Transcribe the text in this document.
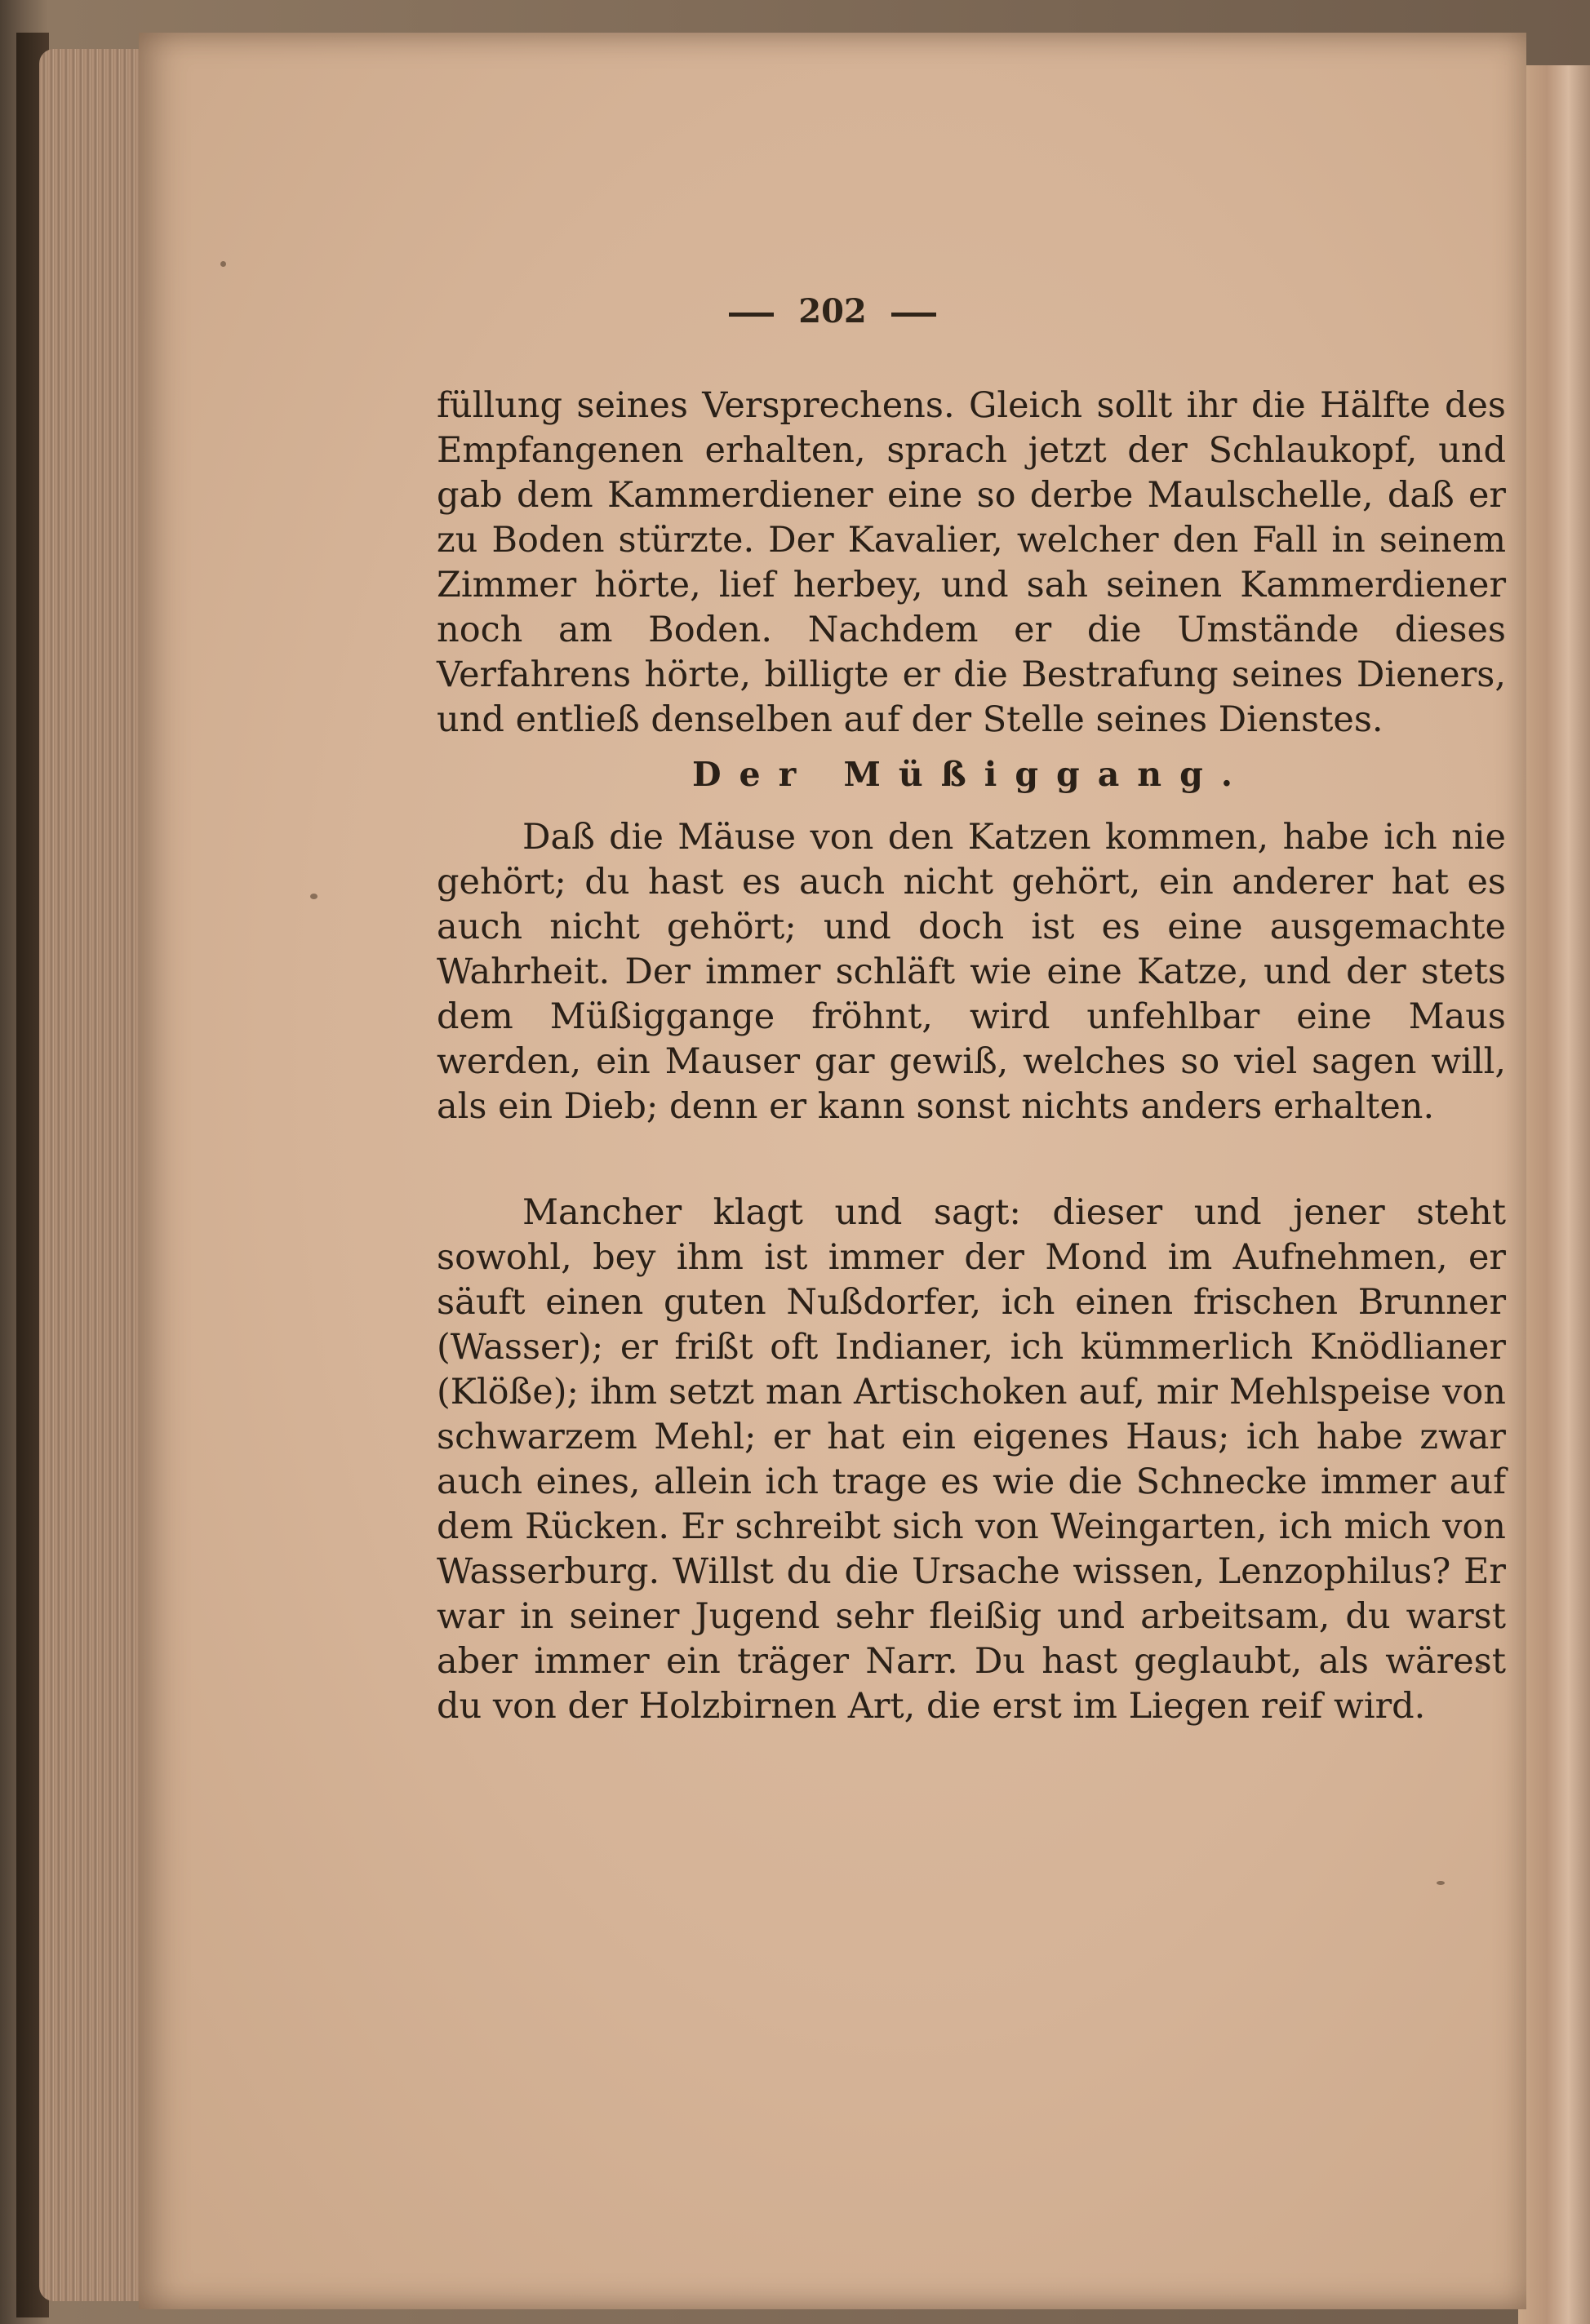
202

füllung seines Versprechens. Gleich sollt ihr die Hälfte des Empfangenen erhalten, sprach jetzt der Schlaukopf, und gab dem Kammerdiener eine so derbe Maulschelle, daß er zu Boden stürzte. Der Kavalier, welcher den Fall in seinem Zimmer hörte, lief herbey, und sah seinen Kammerdiener noch am Boden. Nachdem er die Umstände dieses Verfahrens hörte, billigte er die Bestrafung seines Dieners, und entließ denselben auf der Stelle seines Dienstes.

Der Müßiggang.

Daß die Mäuse von den Katzen kommen, habe ich nie gehört; du hast es auch nicht gehört, ein anderer hat es auch nicht gehört; und doch ist es eine ausgemachte Wahrheit. Der immer schläft wie eine Katze, und der stets dem Müßiggange fröhnt, wird unfehlbar eine Maus werden, ein Mauser gar gewiß, welches so viel sagen will, als ein Dieb; denn er kann sonst nichts anders erhalten.

Mancher klagt und sagt: dieser und jener steht sowohl, bey ihm ist immer der Mond im Aufnehmen, er säuft einen guten Nußdorfer, ich einen frischen Brunner (Wasser); er frißt oft Indianer, ich kümmerlich Knödlianer (Klöße); ihm setzt man Artischoken auf, mir Mehlspeise von schwarzem Mehl; er hat ein eigenes Haus; ich habe zwar auch eines, allein ich trage es wie die Schnecke immer auf dem Rücken. Er schreibt sich von Weingarten, ich mich von Wasserburg. Willst du die Ursache wissen, Lenzophilus? Er war in seiner Jugend sehr fleißig und arbeitsam, du warst aber immer ein träger Narr. Du hast geglaubt, als wärest du von der Holzbirnen Art, die erst im Liegen reif wird.
